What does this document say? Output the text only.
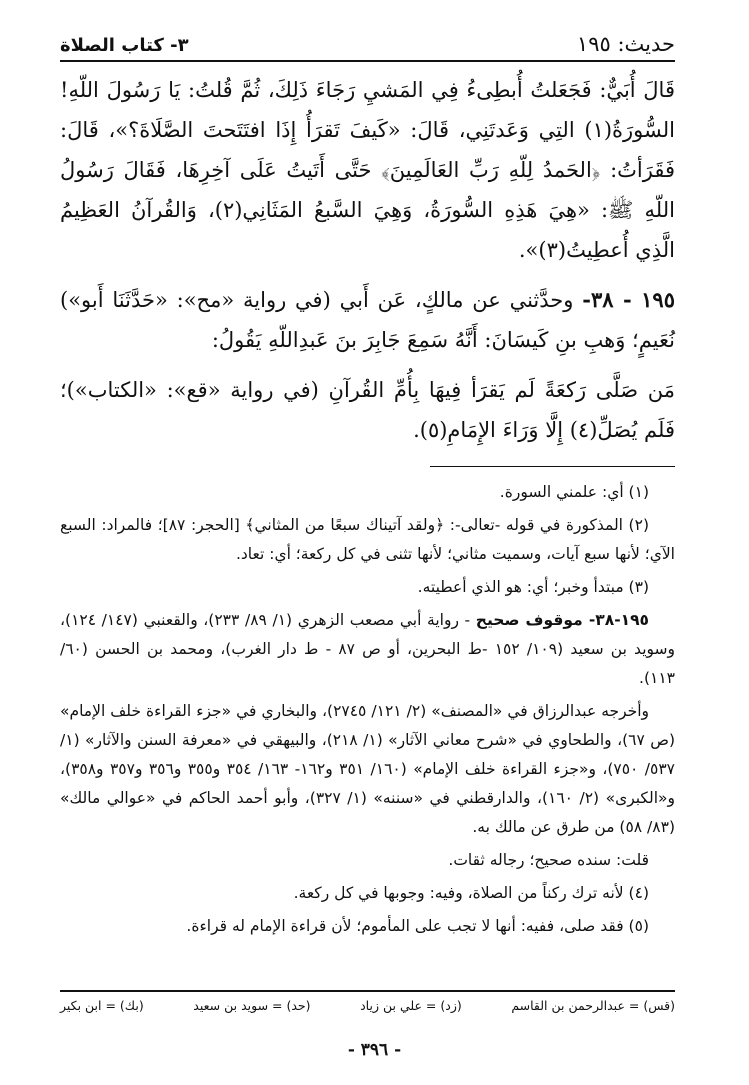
حديث: ١٩٥
٣- كتاب الصلاة

قَالَ أُبَيٌّ: فَجَعَلتُ أُبطِىءُ فِي المَشيِ رَجَاءَ ذَلِكَ، ثُمَّ قُلتُ: يَا رَسُولَ اللّهِ! السُّورَةُ(١) التِي وَعَدتَنِي، قَالَ: «كَيفَ تَقرَأُ إِذَا افتَتَحتَ الصَّلَاةَ؟»، قَالَ: فَقَرَأتُ: ﴿الحَمدُ لِلّهِ رَبِّ العَالَمِينَ﴾ حَتَّى أَتَيتُ عَلَى آخِرِهَا، فَقَالَ رَسُولُ اللّهِ ﷺ: «هِيَ هَذِهِ السُّورَةُ، وَهِيَ السَّبعُ المَثَانِي(٢)، وَالقُرآنُ العَظِيمُ الَّذِي أُعطِيتُ(٣)».

١٩٥ - ٣٨- وحدَّثني عن مالكٍ، عَن أَبي (في رواية «مح»: «حَدَّثَنَا أَبو») نُعَيمٍ؛ وَهبِ بنِ كَيسَانَ: أَنَّهُ سَمِعَ جَابِرَ بنَ عَبدِاللّهِ يَقُولُ:

مَن صَلَّى رَكعَةً لَم يَقرَأ فِيهَا بِأُمِّ القُرآنِ (في رواية «قع»: «الكتاب»)؛ فَلَم يُصَلِّ(٤) إِلَّا وَرَاءَ الإِمَامِ(٥).

(١) أي: علمني السورة.

(٢) المذكورة في قوله -تعالى-: ﴿ولقد آتيناك سبعًا من المثاني﴾ [الحجر: ٨٧]؛ فالمراد: السبع الآي؛ لأنها سبع آيات، وسميت مثاني؛ لأنها تثنى في كل ركعة؛ أي: تعاد.

(٣) مبتدأ وخبر؛ أي: هو الذي أعطيته.

١٩٥-٣٨- موقوف صحيح - رواية أبي مصعب الزهري (١/ ٨٩/ ٢٣٣)، والقعنبي (١٤٧/ ١٢٤)، وسويد بن سعيد (١٠٩/ ١٥٢ -ط البحرين، أو ص ٨٧ - ط دار الغرب)، ومحمد بن الحسن (٦٠/ ١١٣).

وأخرجه عبدالرزاق في «المصنف» (٢/ ١٢١/ ٢٧٤٥)، والبخاري في «جزء القراءة خلف الإمام» (ص ٦٧)، والطحاوي في «شرح معاني الآثار» (١/ ٢١٨)، والبيهقي في «معرفة السنن والآثار» (١/ ٥٣٧/ ٧٥٠)، و«جزء القراءة خلف الإمام» (١٦٠/ ٣٥١ و١٦٢- ١٦٣/ ٣٥٤ و٣٥٥ و٣٥٦ و٣٥٧ و٣٥٨)، و«الكبرى» (٢/ ١٦٠)، والدارقطني في «سننه» (١/ ٣٢٧)، وأبو أحمد الحاكم في «عوالي مالك» (٨٣/ ٥٨) من طرق عن مالك به.

قلت: سنده صحيح؛ رجاله ثقات.

(٤) لأنه ترك ركناً من الصلاة، وفيه: وجوبها في كل ركعة.

(٥) فقد صلى، ففيه: أنها لا تجب على المأموم؛ لأن قراءة الإمام له قراءة.

(قس) = عبدالرحمن بن القاسم
(زد) = علي بن زياد
(حد) = سويد بن سعيد
(بك) = ابن بكير
- ٣٩٦ -
